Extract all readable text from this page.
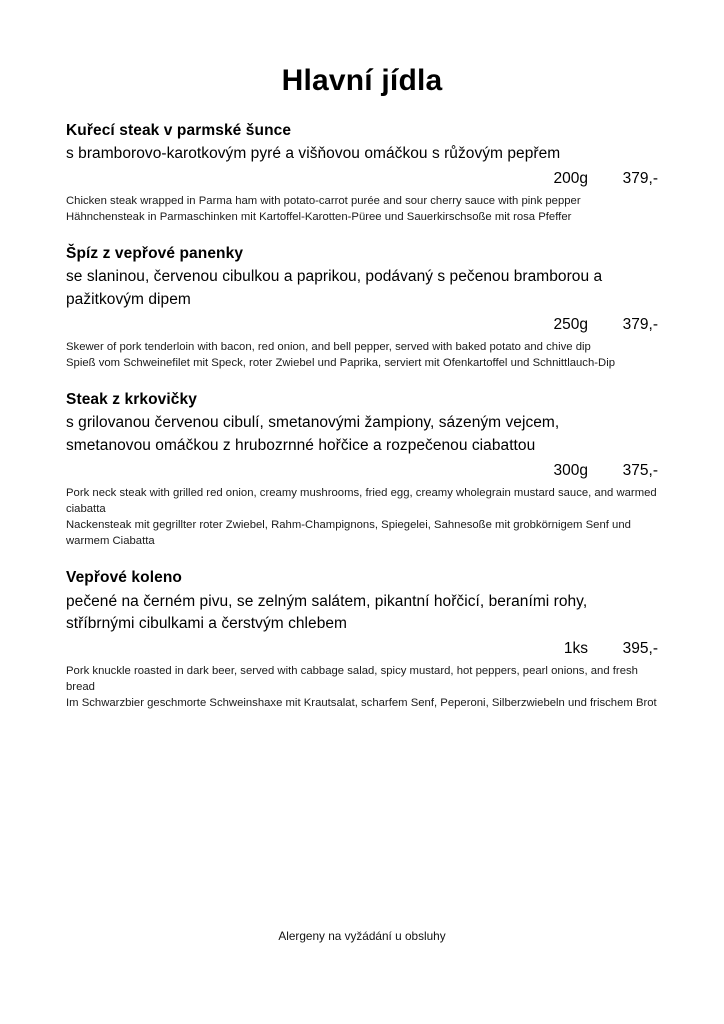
Hlavní jídla
Kuřecí steak v parmské šunce
s bramborovo-karotkovým pyré a višňovou omáčkou s růžovým pepřem
200g	379,-

Chicken steak wrapped in Parma ham with potato-carrot purée and sour cherry sauce with pink pepper

Hähnchensteak in Parmaschinken mit Kartoffel-Karotten-Püree und Sauerkirschsoße mit rosa Pfeffer

Špíz z vepřové panenky
se slaninou, červenou cibulkou a paprikou, podávaný s pečenou bramborou a pažitkovým dipem
250g	379,-

Skewer of pork tenderloin with bacon, red onion, and bell pepper, served with baked potato and chive dip

Spieß vom Schweinefilet mit Speck, roter Zwiebel und Paprika, serviert mit Ofenkartoffel und Schnittlauch-Dip

Steak z krkovičky
s grilovanou červenou cibulí, smetanovými žampiony, sázeným vejcem, smetanovou omáčkou z hrubozrnné hořčice a rozpečenou ciabattou
300g	375,-

Pork neck steak with grilled red onion, creamy mushrooms, fried egg, creamy wholegrain mustard sauce, and warmed ciabatta

Nackensteak mit gegrillter roter Zwiebel, Rahm-Champignons, Spiegelei, Sahnesoße mit grobkörnigem Senf und warmem Ciabatta

Vepřové koleno
pečené na černém pivu, se zelným salátem, pikantní hořčicí, beraními rohy, stříbrnými cibulkami a čerstvým chlebem
1ks	395,-

Pork knuckle roasted in dark beer, served with cabbage salad, spicy mustard, hot peppers, pearl onions, and fresh bread

Im Schwarzbier geschmorte Schweinshaxe mit Krautsalat, scharfem Senf, Peperoni, Silberzwiebeln und frischem Brot

Alergeny na vyžádání u obsluhy
